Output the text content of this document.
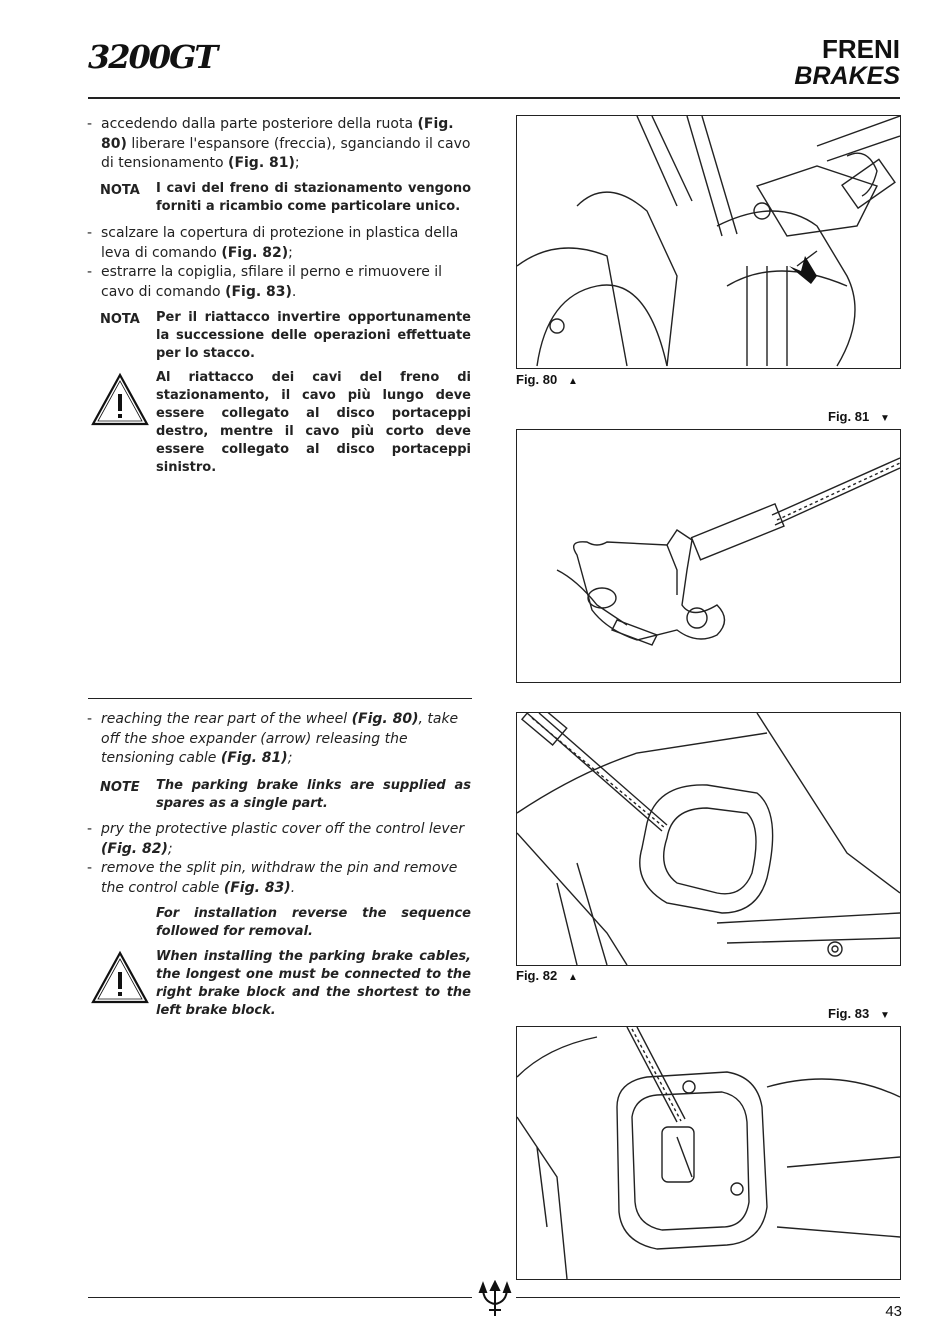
3200GT	FRENI
BRAKES
- accedendo dalla parte posteriore della ruota (Fig. 80) liberare l'espansore (freccia), sganciando il cavo di tensionamento (Fig. 81);
NOTA I cavi del freno di stazionamento vengono forniti a ricambio come particolare unico.
- scalzare la copertura di protezione in plastica della leva di comando (Fig. 82);
- estrarre la copiglia, sfilare il perno e rimuovere il cavo di comando (Fig. 83).
NOTA Per il riattacco invertire opportunamente la successione delle operazioni effettuate per lo stacco.
Al riattacco dei cavi del freno di stazionamento, il cavo più lungo deve essere collegato al disco portaceppi destro, mentre il cavo più corto deve essere collegato al disco portaceppi sinistro.
- reaching the rear part of the wheel (Fig. 80), take off the shoe expander (arrow) releasing the tensioning cable (Fig. 81);
NOTE The parking brake links are supplied as spares as a single part.
- pry the protective plastic cover off the control lever (Fig. 82);
- remove the split pin, withdraw the pin and remove the control cable (Fig. 83).
For installation reverse the sequence followed for removal.
When installing the parking brake cables, the longest one must be connected to the right brake block and the shortest to the left brake block.
Fig. 80 ▲
Fig. 81 ▼
Fig. 82 ▲
Fig. 83 ▼
43
